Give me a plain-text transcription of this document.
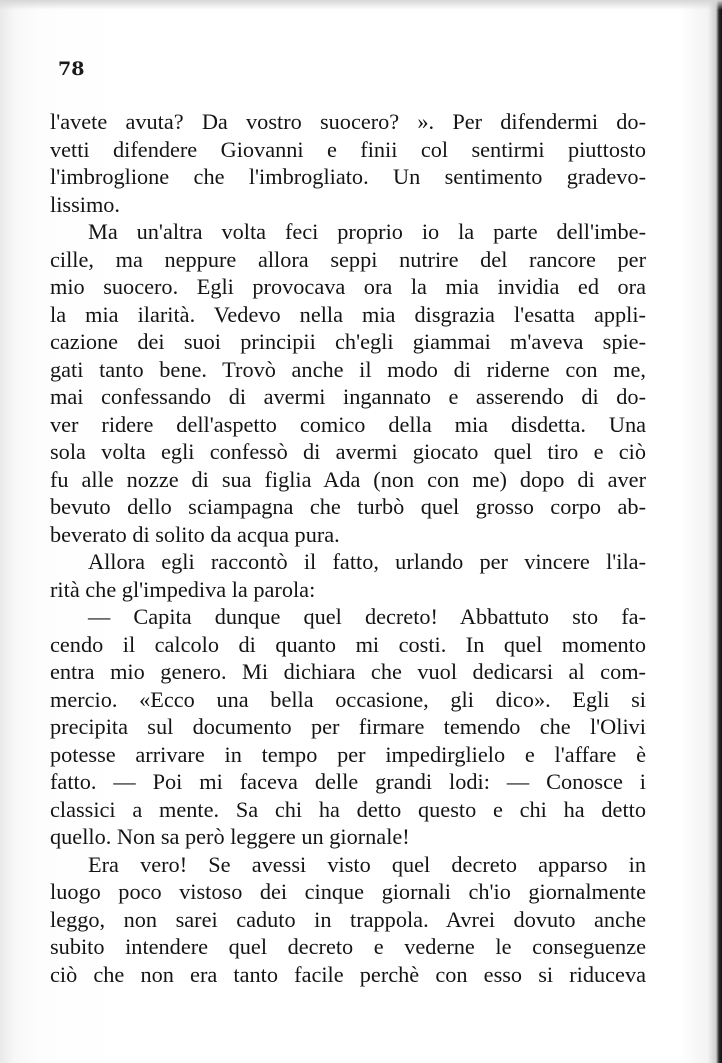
78

l'avete avuta? Da vostro suocero? ». Per difendermi do-
vetti difendere Giovanni e finii col sentirmi piuttosto
l'imbroglione che l'imbrogliato. Un sentimento gradevo-
lissimo.
Ma un'altra volta feci proprio io la parte dell'imbe-
cille, ma neppure allora seppi nutrire del rancore per
mio suocero. Egli provocava ora la mia invidia ed ora
la mia ilarità. Vedevo nella mia disgrazia l'esatta appli-
cazione dei suoi principii ch'egli giammai m'aveva spie-
gati tanto bene. Trovò anche il modo di riderne con me,
mai confessando di avermi ingannato e asserendo di do-
ver ridere dell'aspetto comico della mia disdetta. Una
sola volta egli confessò di avermi giocato quel tiro e ciò
fu alle nozze di sua figlia Ada (non con me) dopo di aver
bevuto dello sciampagna che turbò quel grosso corpo ab-
beverato di solito da acqua pura.
Allora egli raccontò il fatto, urlando per vincere l'ila-
rità che gl'impediva la parola:
— Capita dunque quel decreto! Abbattuto sto fa-
cendo il calcolo di quanto mi costi. In quel momento
entra mio genero. Mi dichiara che vuol dedicarsi al com-
mercio. «Ecco una bella occasione, gli dico». Egli si
precipita sul documento per firmare temendo che l'Olivi
potesse arrivare in tempo per impedirglielo e l'affare è
fatto. — Poi mi faceva delle grandi lodi: — Conosce i
classici a mente. Sa chi ha detto questo e chi ha detto
quello. Non sa però leggere un giornale!
Era vero! Se avessi visto quel decreto apparso in
luogo poco vistoso dei cinque giornali ch'io giornalmente
leggo, non sarei caduto in trappola. Avrei dovuto anche
subito intendere quel decreto e vederne le conseguenze
ciò che non era tanto facile perchè con esso si riduceva
